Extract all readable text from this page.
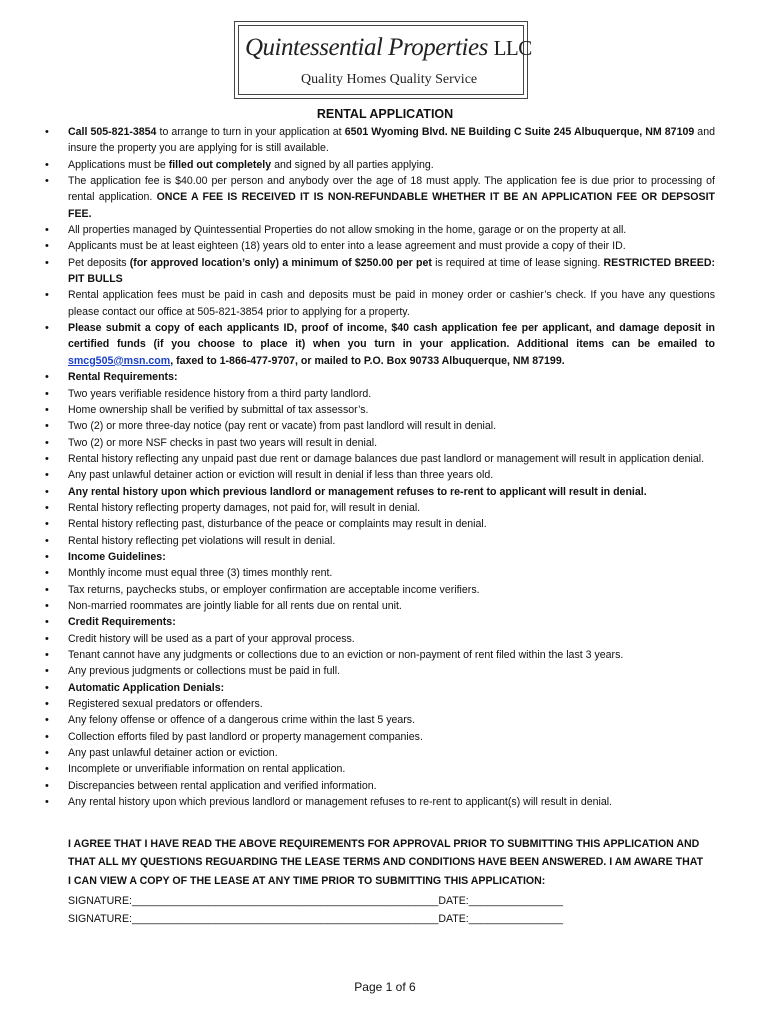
Quintessential Properties LLC
Quality Homes Quality Service
RENTAL APPLICATION
• Call 505-821-3854 to arrange to turn in your application at 6501 Wyoming Blvd. NE Building C Suite 245 Albuquerque, NM 87109 and insure the property you are applying for is still available.
• Applications must be filled out completely and signed by all parties applying.
• The application fee is $40.00 per person and anybody over the age of 18 must apply. The application fee is due prior to processing of rental application. ONCE A FEE IS RECEIVED IT IS NON-REFUNDABLE WHETHER IT BE AN APPLICATION FEE OR DEPSOSIT FEE.
• All properties managed by Quintessential Properties do not allow smoking in the home, garage or on the property at all.
• Applicants must be at least eighteen (18) years old to enter into a lease agreement and must provide a copy of their ID.
• Pet deposits (for approved location’s only) a minimum of $250.00 per pet is required at time of lease signing. RESTRICTED BREED: PIT BULLS
• Rental application fees must be paid in cash and deposits must be paid in money order or cashier’s check. If you have any questions please contact our office at 505-821-3854 prior to applying for a property.
• Please submit a copy of each applicants ID, proof of income, $40 cash application fee per applicant, and damage deposit in certified funds (if you choose to place it) when you turn in your application. Additional items can be emailed to smcg505@msn.com, faxed to 1-866-477-9707, or mailed to P.O. Box 90733 Albuquerque, NM 87199.
• Rental Requirements:
• Two years verifiable residence history from a third party landlord.
• Home ownership shall be verified by submittal of tax assessor’s.
• Two (2) or more three-day notice (pay rent or vacate) from past landlord will result in denial.
• Two (2) or more NSF checks in past two years will result in denial.
• Rental history reflecting any unpaid past due rent or damage balances due past landlord or management will result in application denial.
• Any past unlawful detainer action or eviction will result in denial if less than three years old.
• Any rental history upon which previous landlord or management refuses to re-rent to applicant will result in denial.
• Rental history reflecting property damages, not paid for, will result in denial.
• Rental history reflecting past, disturbance of the peace or complaints may result in denial.
• Rental history reflecting pet violations will result in denial.
• Income Guidelines:
• Monthly income must equal three (3) times monthly rent.
• Tax returns, paychecks stubs, or employer confirmation are acceptable income verifiers.
• Non-married roommates are jointly liable for all rents due on rental unit.
• Credit Requirements:
• Credit history will be used as a part of your approval process.
• Tenant cannot have any judgments or collections due to an eviction or non-payment of rent filed within the last 3 years.
• Any previous judgments or collections must be paid in full.
• Automatic Application Denials:
• Registered sexual predators or offenders.
• Any felony offense or offence of a dangerous crime within the last 5 years.
• Collection efforts filed by past landlord or property management companies.
• Any past unlawful detainer action or eviction.
• Incomplete or unverifiable information on rental application.
• Discrepancies between rental application and verified information.
• Any rental history upon which previous landlord or management refuses to re-rent to applicant(s) will result in denial.

I AGREE THAT I HAVE READ THE ABOVE REQUIREMENTS FOR APPROVAL PRIOR TO SUBMITTING THIS APPLICATION AND THAT ALL MY QUESTIONS REGUARDING THE LEASE TERMS AND CONDITIONS HAVE BEEN ANSWERED. I AM AWARE THAT I CAN VIEW A COPY OF THE LEASE AT ANY TIME PRIOR TO SUBMITTING THIS APPLICATION:

SIGNATURE:____________________________________________________DATE:________________
SIGNATURE:____________________________________________________DATE:________________
Page 1 of 6
